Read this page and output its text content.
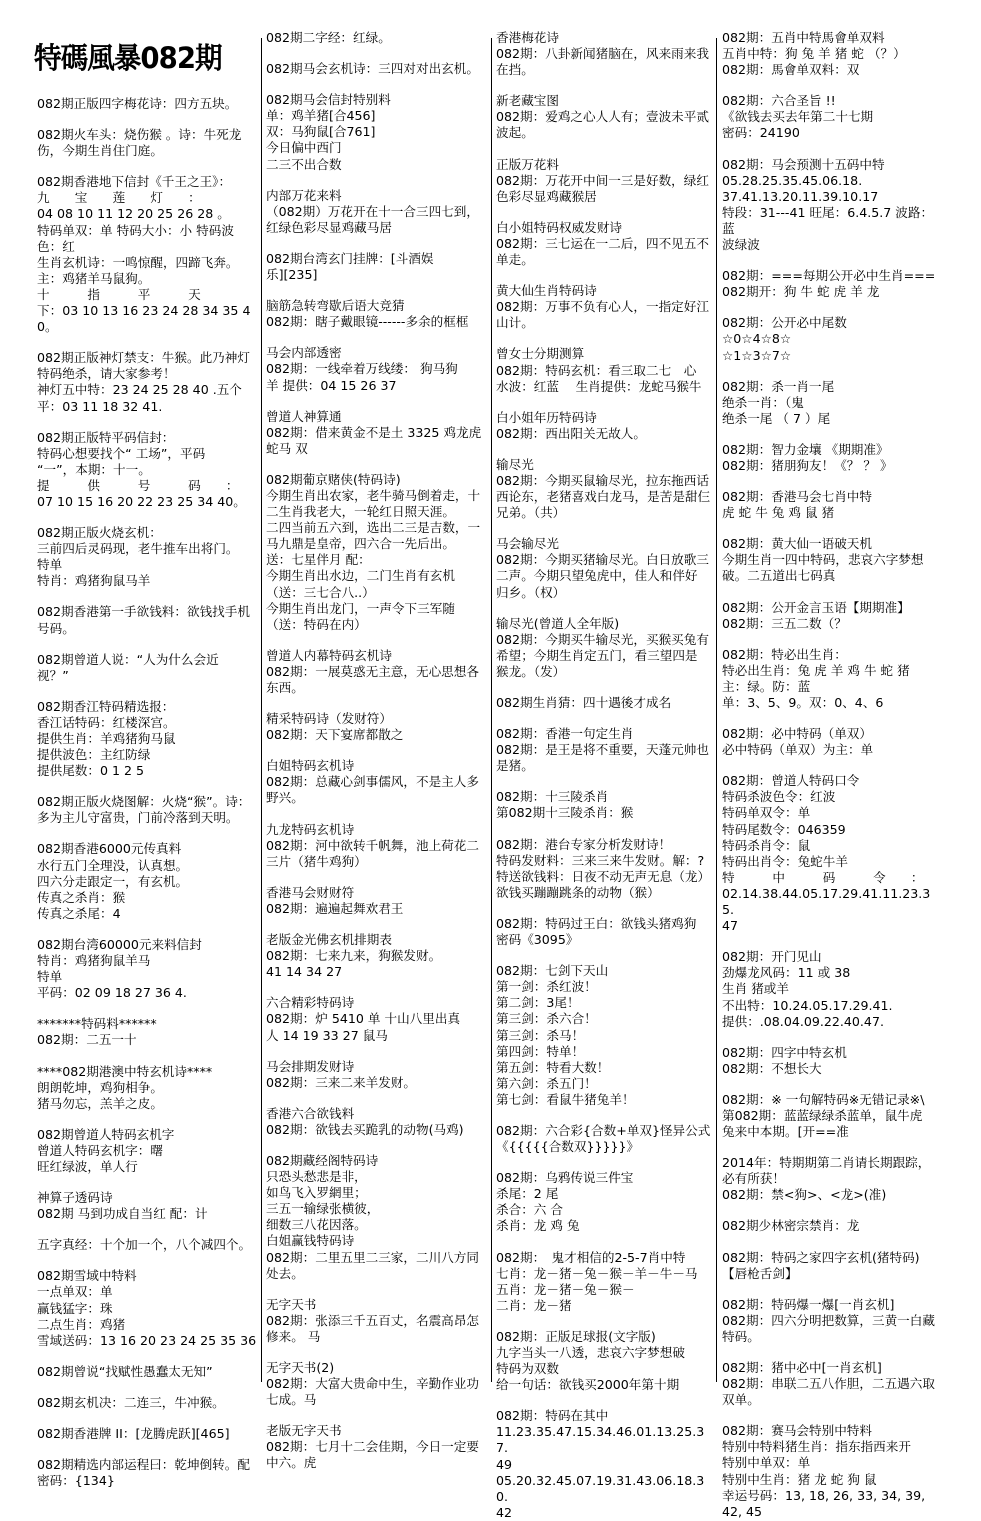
特碼風暴082期
082期正版四字梅花诗：四方五块。
082期火车头：烧伤猴 。诗：牛死龙
伤，今期生肖住门庭。
082期香港地下信封《千王之王》：
九　　宝　　莲　　灯　　：
04 08 10 11 12 20 25 26 28 。
特码单双：单 特码大小：小 特码波
色：红
生肖玄机诗：一鸣惊醒，四蹄飞奔。
主：鸡猪羊马鼠狗。
十　　　指　　　平　　　天
下：03 10 13 16 23 24 28 34 35 4
0。
082期正版神灯禁支：牛猴。此乃神灯
特码绝杀，请大家参考！
神灯五中特：23 24 25 28 40 .五个
平：03 11 18 32 41.
082期正版特平码信封：
特码心想要找个“ 工场”，平码
“一”，本期：十一。
提　　　供　　　号　　　码　　：
07 10 15 16 20 22 23 25 34 40。
082期正版火烧玄机：
三前四后灵码现，老牛推车出将门。
特单
特肖：鸡猪狗鼠马羊
082期香港第一手欲钱料：欲钱找手机
号码。
082期曾道人说：“人为什么会近
视？”
082期香江特码精选报：
香江话特码：红楼深宫。
提供生肖：羊鸡猪狗马鼠
提供波色：主红防绿
提供尾数：0 1 2 5
082期正版火烧图解：火烧“猴”。诗：
多为主儿守富贵，门前冷落到天明。
082期香港6000元传真料
水行五门全理没，认真想。
四六分走跟定一，有玄机。
传真之杀肖：猴
传真之杀尾：4
082期台湾60000元来料信封
特肖：鸡猪狗鼠羊马
特单
平码：02 09 18 27 36 4.
*******特码料******
082期：二五一十
****082期港澳中特玄机诗****
朗朗乾坤，鸡狗相争。
猪马勿忘，羔羊之皮。
082期曾道人特码玄机字
曾道人特码玄机字：曙
旺红绿波，单人行
神算子透码诗
082期 马到功成自当红 配：计
五字真经：十个加一个，八个减四个。
082期雪域中特料
一点单双：单
赢钱猛字：珠
二点生肖：鸡猪
雪域送码：13 16 20 23 24 25 35 36
082期曾说“找赋性愚蠢太无知”
082期玄机决：二连三，牛冲猴。
082期香港牌 II：[龙腾虎跃][465]
082期精选内部运程曰：乾坤倒转。配
密码：{134}
082期二字经：红绿。
082期马会玄机诗：三四对对出玄机。
082期马会信封特别料
单：鸡羊猪[合456]
双：马狗鼠[合761]
今日偏中西门
二三不出合数
内部万花来料
（082期）万花开在十一合三四七到，
红绿色彩尽显鸡藏马居
082期台湾玄门挂牌：[斗酒娱
乐][235]
脑筋急转弯歇后语大竞猜
082期：瞎子戴眼镜------多余的框框
马会内部透密
082期：一线牵着万线缕： 狗马狗
羊 提供：04 15 26 37
曾道人神算通
082期：借来黄金不是土 3325 鸡龙虎
蛇马 双
082期葡京赌侠(特码诗)
今期生肖出农家，老牛骑马倒着走，十
二生肖我老大，一轮红日照天涯。
二四当前五六到，选出二三是吉数，一
马九鼎是皇帝，四六合一先后出。
送：七星伴月 配：
今期生肖出水边，二门生肖有玄机
（送：三七合八..）
今期生肖出龙门，一声令下三军随
（送：特码在内）
曾道人内幕特码玄机诗
082期：一展莫惑无主意，无心思想各
东西。
精采特码诗（发财符）
082期：天下宴席都散之
白姐特码玄机诗
082期：总藏心剑事儒风，不是主人多
野兴。
九龙特码玄机诗
082期：河中欲转千帆舞，池上荷花二
三片（猪牛鸡狗）
香港马会财财符
082期：遍遍起舞欢君王
老版金光佛玄机排期表
082期：七来九来，狗猴发财。
41 14 34 27
六合精彩特码诗
082期：炉 5410 单 十山八里出真
人 14 19 33 27 鼠马
马会排期发财诗
082期：三来二来羊发财。
香港六合欲钱料
082期：欲钱去买跪乳的动物(马鸡)
082期藏经阁特码诗
只恐头愁悲是非，
如鸟飞入罗網里；
三五一输绿张横彼，
细数三八花因落。
白姐赢钱特码诗
082期：二里五里二三家，二川八方同
处去。
无字天书
082期：张添三千五百丈，名震高昂怎
修来。 马
无字天书(2)
082期：大富大贵命中生，辛勤作业功
七成。马
老版无字天书
082期：七月十二会佳期，今日一定要
中六。虎
香港梅花诗
082期：八卦新闻猪脑在，风来雨来我
在挡。
新老藏宝图
082期：爱鸡之心人人有；壹波未平贰
波起。
正版万花料
082期：万花开中间一三是好数，绿红
色彩尽显鸡藏猴居
白小姐特码权威发财诗
082期：三七运在一二后，四不见五不
单走。
黄大仙生肖特码诗
082期：万事不负有心人，一指定好江
山计。
曾女士分期测算
082期：特码玄机：看三取二七　心
水波：红蓝　 生肖提供：龙蛇马猴牛
白小姐年历特码诗
082期：西出阳关无故人。
输尽光
082期：今期买鼠输尽光，拉东拖西话
西论东，老猪喜戏白龙马，是苦是甜仨
兄弟。（共）
马会输尽光
082期：今期买猪输尽光。白日放歌三
二声。今期只望兔虎中，佳人和伴好
归乡。（权）
输尽光(曾道人全年版)
082期：今期买牛输尽光，买猴买兔有
希望；今期生肖定五门，看三望四是
猴龙。（发）
082期生肖猜：四十遇後才成名
082期：香港一句定生肖
082期：是王是将不重要，天蓬元帅也
是猪。
082期：十三陵杀肖
第082期十三陵杀肖：猴
082期：港台专家分析发财诗！
特码发财料：三来三来牛发财。解：?
特送欲钱料：日夜不动无声无息（龙）
欲钱买蹦蹦跳条的动物（猴）
082期：特码过王白：欲钱头猪鸡狗
密码《3095》
082期：七剑下天山
第一剑：杀红波！
第二剑：3尾！
第三剑：杀六合！
第三剑：杀马！
第四剑：特单！
第五剑：特看大数！
第六剑：杀五门！
第七剑：看鼠牛猪兔羊！
082期：六合彩{合数+单双}怪异公式
《{{{{{合数双}}}}}》
082期：乌鸦传说三件宝
杀尾：2 尾
杀合：六 合
杀肖：龙 鸡 兔
082期：　鬼才相信的2-5-7肖中特
七肖：龙－猪－兔－猴－羊－牛－马
五肖：龙－猪－兔－猴－
二肖：龙－猪
082期：正版足球报(文字版)
九字当头一八透，悲哀六字梦想破
特码为双数
给一句话：欲钱买2000年第十期
082期：特码在其中
11.23.35.47.15.34.46.01.13.25.37.
49
05.20.32.45.07.19.31.43.06.18.30.
42
082期：五肖中特馬會单双料
五肖中特：狗 兔 羊 猪 蛇 （？）
082期：馬會单双料：双
082期：六合圣旨 !!
《欲钱去买去年第二十七期
密码：24190
082期：马会预测十五码中特
05.28.25.35.45.06.18.
37.41.13.20.11.39.10.17
特段：31---41 旺尾：6.4.5.7 波路：蓝
波绿波
082期：===每期公开必中生肖===
082期开：狗 牛 蛇 虎 羊 龙
082期：公开必中尾数
☆0☆4☆8☆
☆1☆3☆7☆
082期：杀一肖一尾
绝杀一肖：（鬼
绝杀一尾 （ 7 ）尾
082期：智力金壤 《期期准》
082期：猪朋狗友！《？ ？ 》
082期：香港马会七肖中特
虎 蛇 牛 兔 鸡 鼠 猪
082期：黄大仙一语破天机
今期生肖一四中特码，悲哀六字梦想
破。二五道出七码真
082期：公开金言玉语【期期准】
082期：三五二数（？
082期：特必出生肖：
特必出生肖：兔 虎 羊 鸡 牛 蛇 猪
主：绿。防：蓝
单：3、5、9。双：0、4、6
082期：必中特码（单双）
必中特码（单双）为主：单
082期：曾道人特码口令
特码杀波色令：红波
特码单双令：单
特码尾数令：046359
特码杀肖令：鼠
特码出肖令：兔蛇牛羊
特　　　中　　　码　　　令　　：
02.14.38.44.05.17.29.41.11.23.35.
47
082期：开门见山
劲爆龙风码：11 或 38
生肖 猪或羊
不出特：10.24.05.17.29.41.
提供：.08.04.09.22.40.47.
082期：四字中特玄机
082期：不想长大
082期：※ 一句解特码※无错记录※\
第082期：蓝蓝绿绿杀蓝单，鼠牛虎
兔来中本期。[开==准
2014年：特期期第二肖请长期跟踪，
必有所获！
082期：禁<狗>、<龙>(准)
082期少林密宗禁肖：龙
082期：特码之家四字玄机(猪特码)
【唇枪舌剑】
082期：特码爆一爆[一肖玄机]
082期：四六分明把数算，三黄一白藏
特码。
082期：猪中必中[一肖玄机]
082期：串联二五八作胆，二五遇六取
双单。
082期：赛马会特别中特料
特别中特料猪生肖：指东指西来开
特别中单双：单
特别中生肖：猪 龙 蛇 狗 鼠
幸运号码：13, 18, 26, 33, 34, 39,
42, 45
